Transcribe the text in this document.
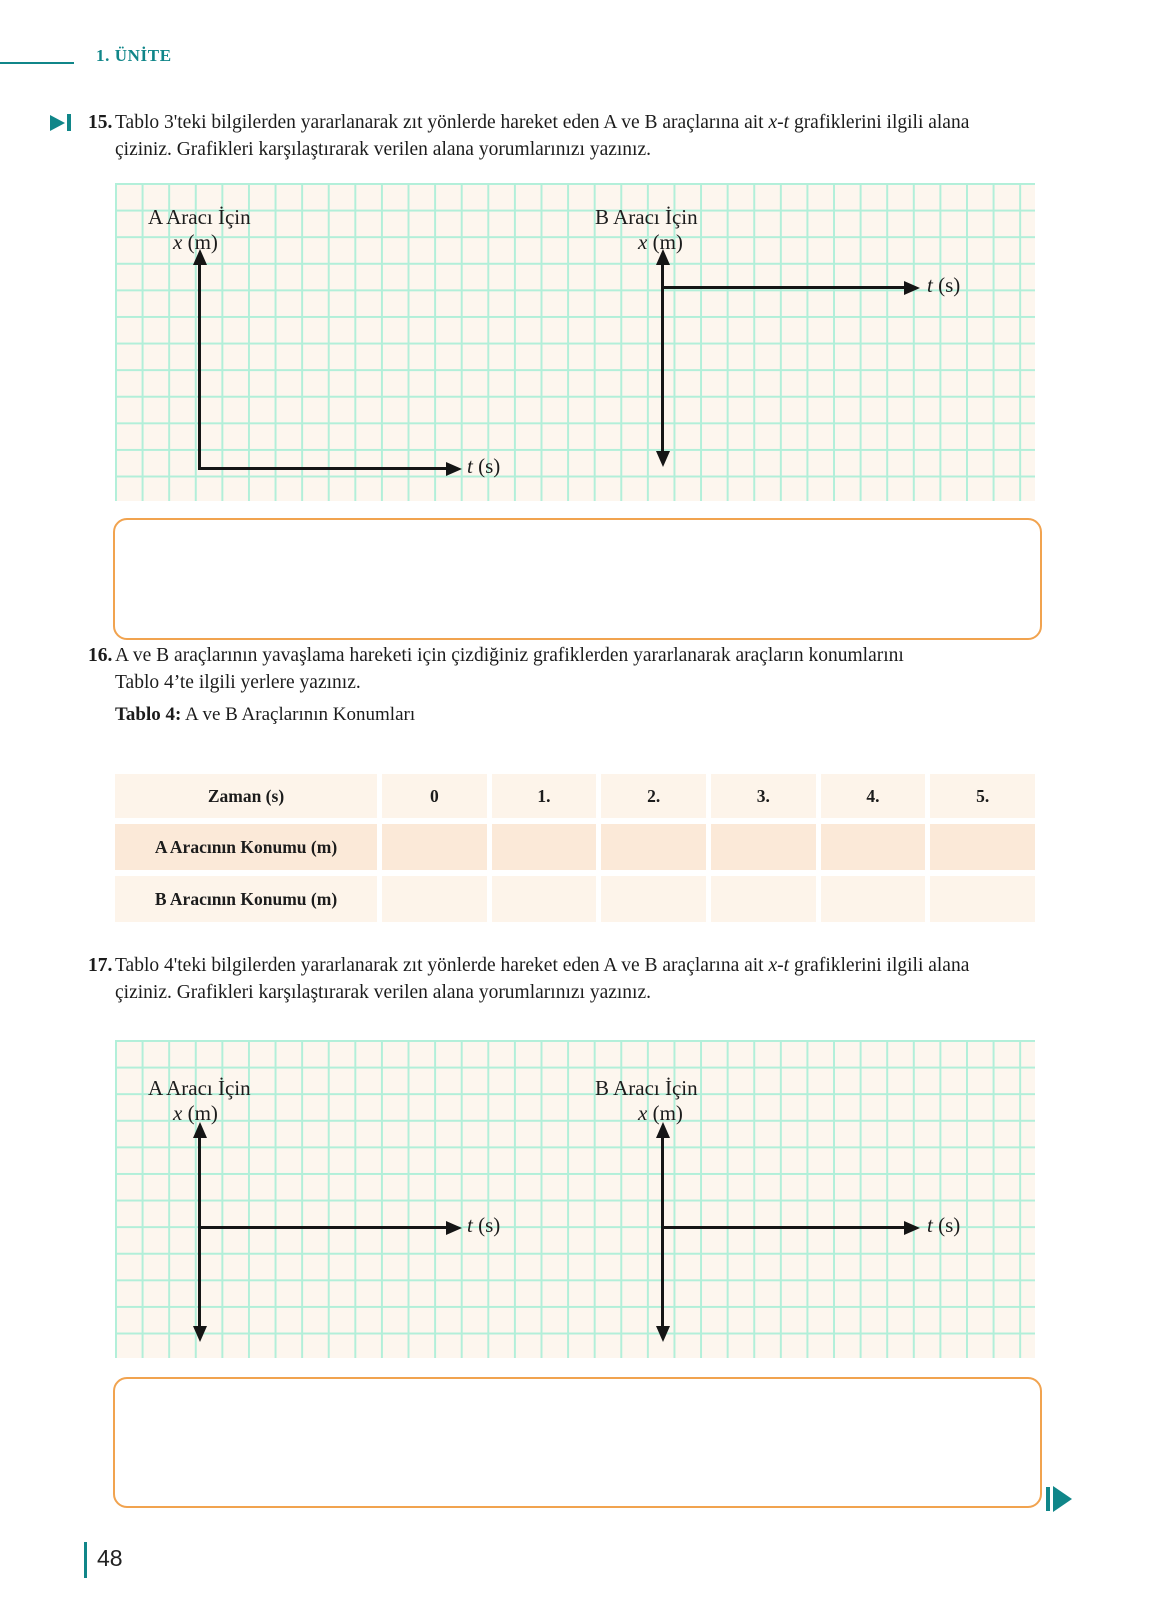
1. ÜNİTE
15. Tablo 3'teki bilgilerden yararlanarak zıt yönlerde hareket eden A ve B araçlarına ait x-t grafiklerini ilgili alana çiziniz. Grafikleri karşılaştırarak verilen alana yorumlarınızı yazınız.
A Aracı İçin
x (m)
t (s)
B Aracı İçin
x (m)
t (s)
16. A ve B araçlarının yavaşlama hareketi için çizdiğiniz grafiklerden yararlanarak araçların konumlarını Tablo 4’te ilgili yerlere yazınız.
Tablo 4: A ve B Araçlarının Konumları
Zaman (s)	0	1.	2.	3.	4.	5.
A Aracının Konumu (m)						
B Aracının Konumu (m)						
17. Tablo 4'teki bilgilerden yararlanarak zıt yönlerde hareket eden A ve B araçlarına ait x-t grafiklerini ilgili alana çiziniz. Grafikleri karşılaştırarak verilen alana yorumlarınızı yazınız.
A Aracı İçin
x (m)
t (s)
B Aracı İçin
x (m)
t (s)
48
